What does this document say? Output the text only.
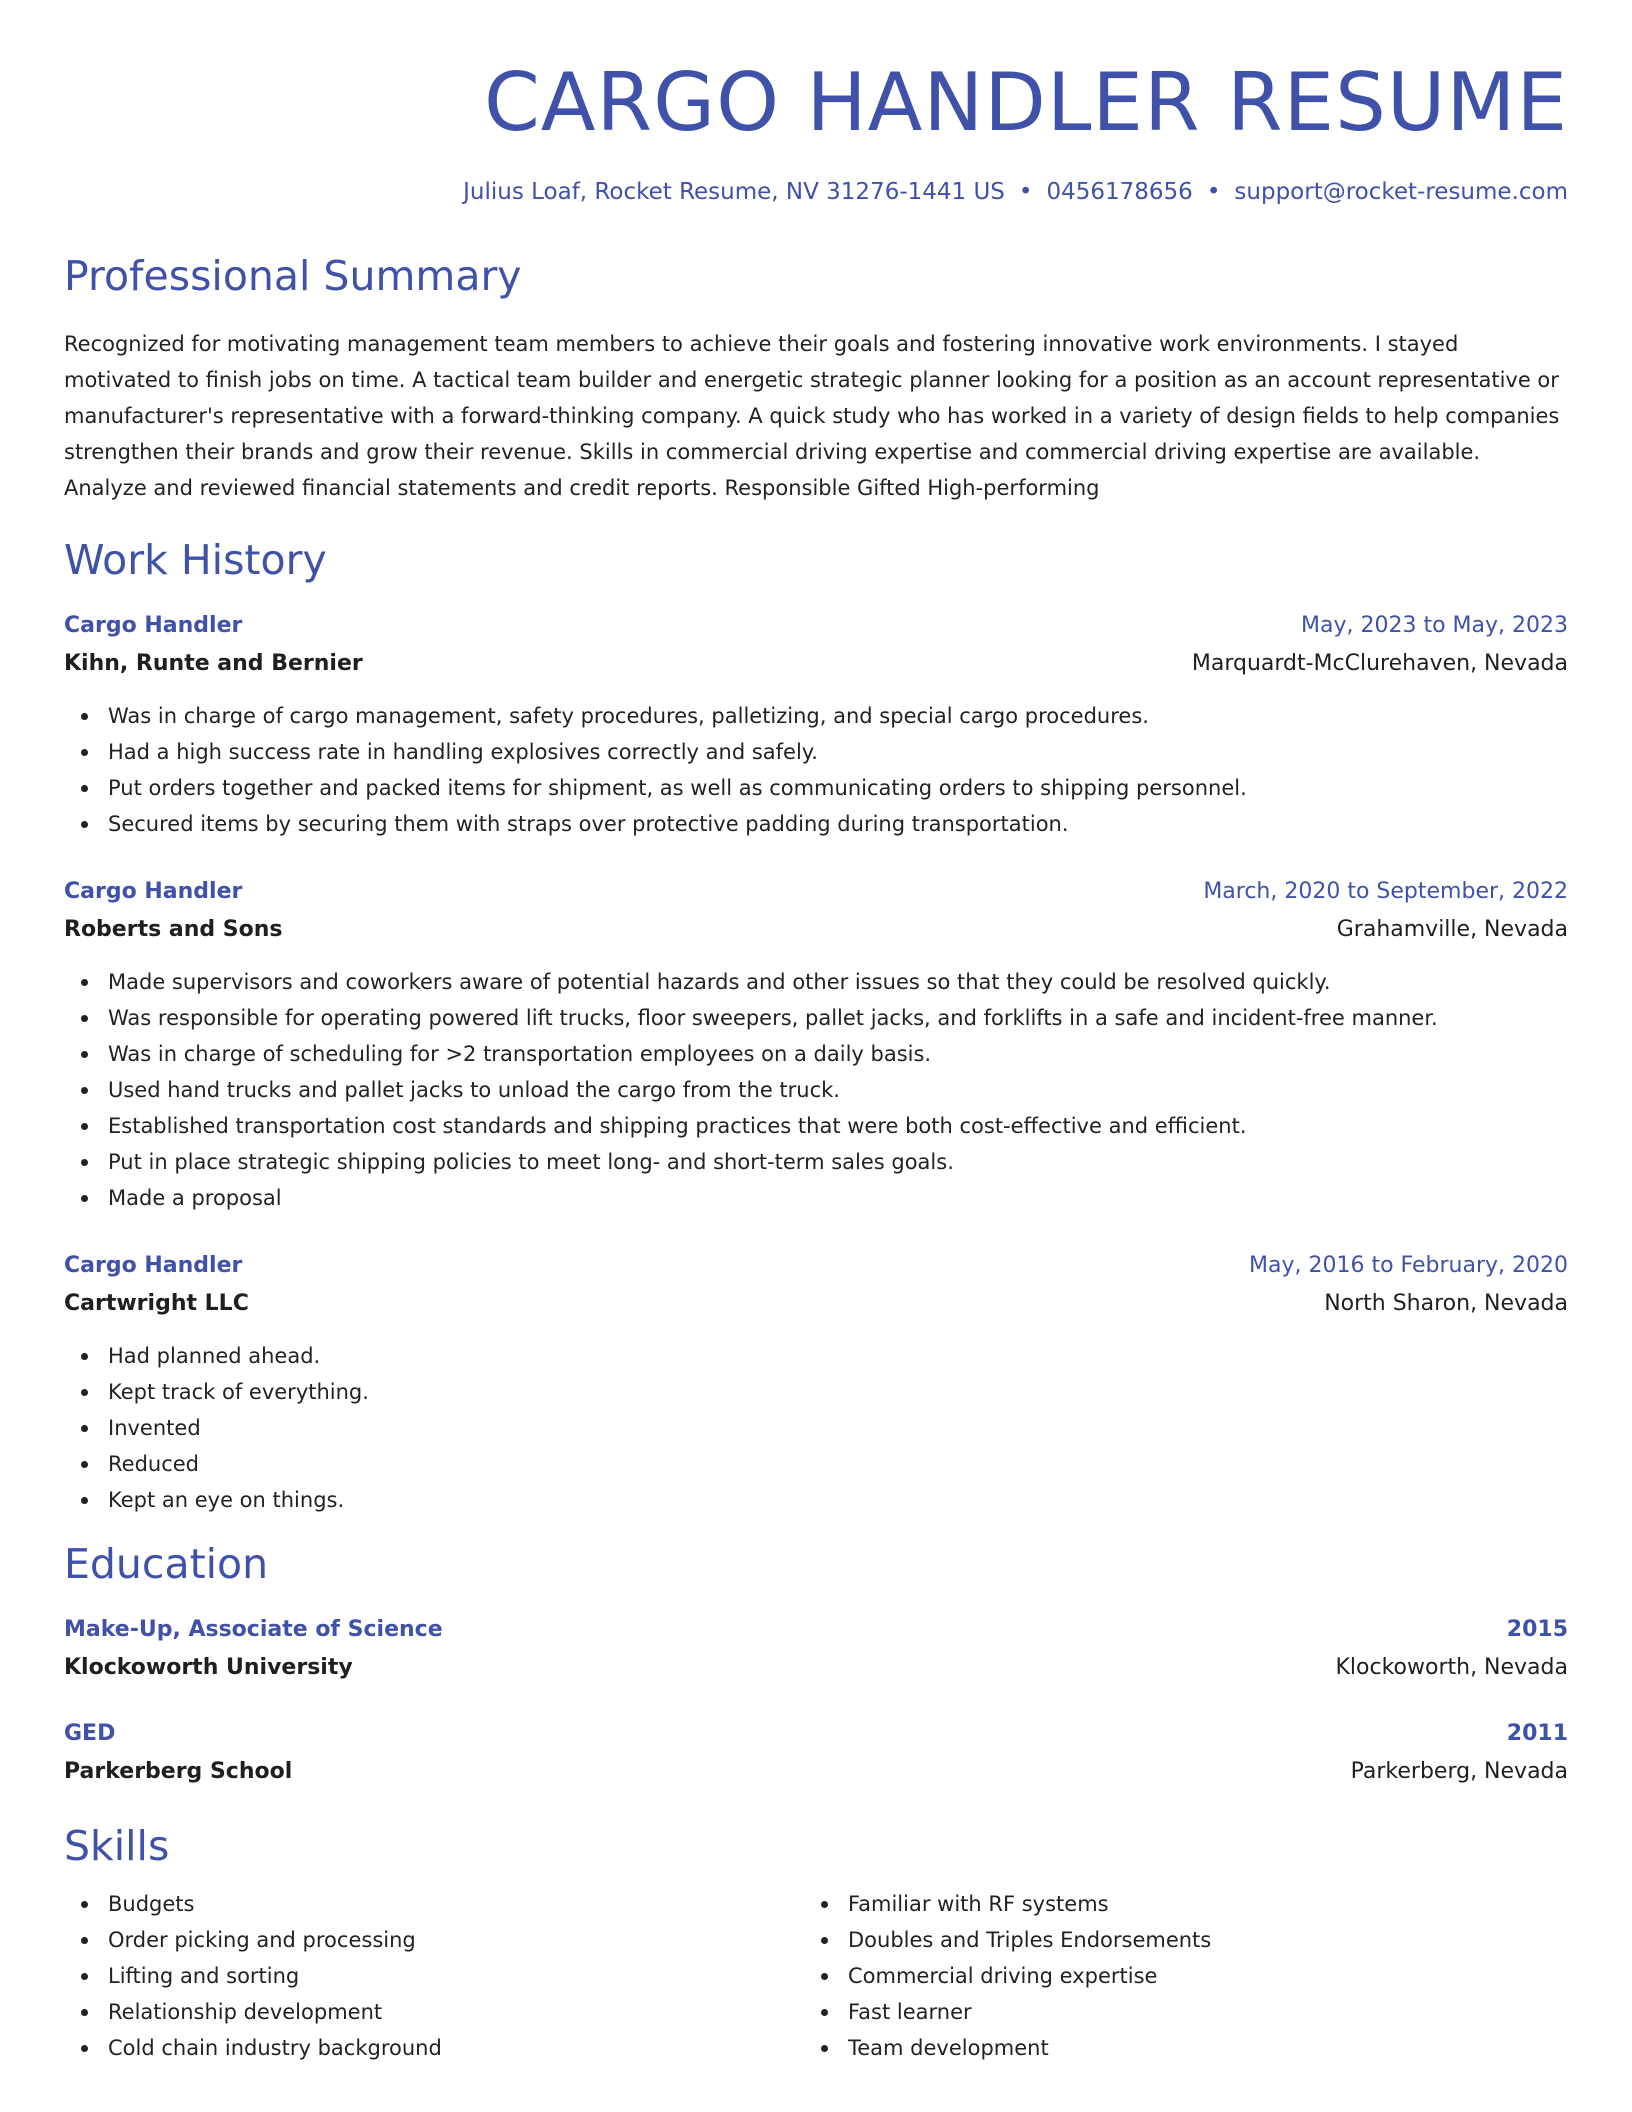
CARGO HANDLER RESUME
Julius Loaf, Rocket Resume, NV 31276-1441 US • 0456178656 • support@rocket-resume.com
Professional Summary

Recognized for motivating management team members to achieve their goals and fostering innovative work environments. I stayed motivated to finish jobs on time. A tactical team builder and energetic strategic planner looking for a position as an account representative or manufacturer's representative with a forward-thinking company. A quick study who has worked in a variety of design fields to help companies strengthen their brands and grow their revenue. Skills in commercial driving expertise and commercial driving expertise are available. Analyze and reviewed financial statements and credit reports. Responsible Gifted High-performing

Work History
Cargo Handler	May, 2023 to May, 2023
Kihn, Runte and Bernier	Marquardt-McClurehaven, Nevada
Was in charge of cargo management, safety procedures, palletizing, and special cargo procedures.
Had a high success rate in handling explosives correctly and safely.
Put orders together and packed items for shipment, as well as communicating orders to shipping personnel.
Secured items by securing them with straps over protective padding during transportation.
Cargo Handler	March, 2020 to September, 2022
Roberts and Sons	Grahamville, Nevada
Made supervisors and coworkers aware of potential hazards and other issues so that they could be resolved quickly.
Was responsible for operating powered lift trucks, floor sweepers, pallet jacks, and forklifts in a safe and incident-free manner.
Was in charge of scheduling for >2 transportation employees on a daily basis.
Used hand trucks and pallet jacks to unload the cargo from the truck.
Established transportation cost standards and shipping practices that were both cost-effective and efficient.
Put in place strategic shipping policies to meet long- and short-term sales goals.
Made a proposal
Cargo Handler	May, 2016 to February, 2020
Cartwright LLC	North Sharon, Nevada
Had planned ahead.
Kept track of everything.
Invented
Reduced
Kept an eye on things.
Education
Make-Up, Associate of Science	2015
Klockoworth University	Klockoworth, Nevada
GED	2011
Parkerberg School	Parkerberg, Nevada
Skills
Budgets
Order picking and processing
Lifting and sorting
Relationship development
Cold chain industry background
Familiar with RF systems
Doubles and Triples Endorsements
Commercial driving expertise
Fast learner
Team development
